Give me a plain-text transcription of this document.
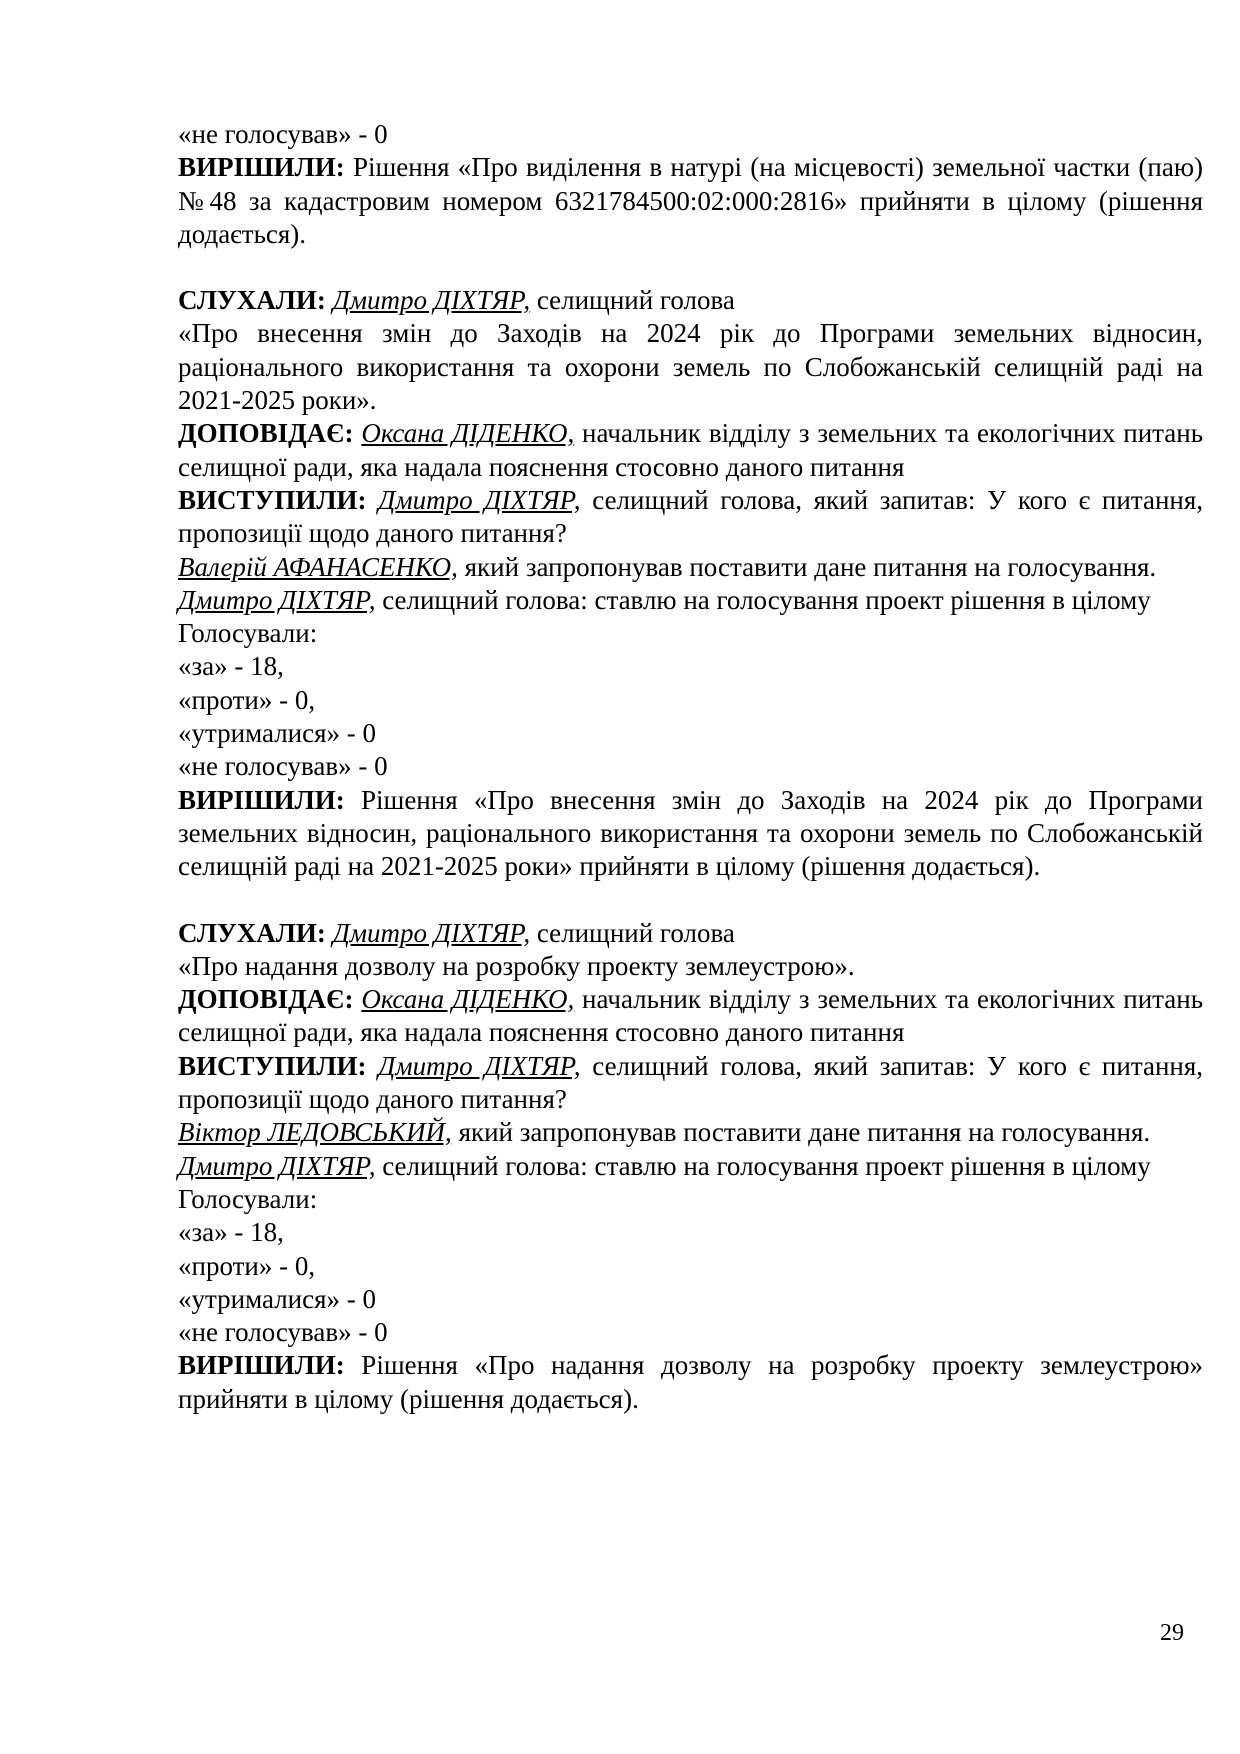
«не голосував» - 0

ВИРІШИЛИ: Рішення «Про виділення в натурі (на місцевості) земельної частки (паю) №48 за кадастровим номером 6321784500:02:000:2816» прийняти в цілому (рішення додається).

СЛУХАЛИ: Дмитро ДІХТЯР, селищний голова

«Про внесення змін до Заходів на 2024 рік до Програми земельних відносин, раціонального використання та охорони земель по Слобожанській селищній раді на 2021-2025 роки».

ДОПОВІДАЄ: Оксана ДІДЕНКО, начальник відділу з земельних та екологічних питань селищної ради, яка надала пояснення стосовно даного питання

ВИСТУПИЛИ: Дмитро ДІХТЯР, селищний голова, який запитав: У кого є питання, пропозиції щодо даного питання?

Валерій АФАНАСЕНКО, який запропонував поставити дане питання на голосування.

Дмитро ДІХТЯР, селищний голова: ставлю на голосування проект рішення в цілому

Голосували:

«за» - 18,

«проти» - 0,

«утрималися» - 0

«не голосував» - 0

ВИРІШИЛИ: Рішення «Про внесення змін до Заходів на 2024 рік до Програми земельних відносин, раціонального використання та охорони земель по Слобожанській селищній раді на 2021-2025 роки» прийняти в цілому (рішення додається).

СЛУХАЛИ: Дмитро ДІХТЯР, селищний голова

«Про надання дозволу на розробку проекту землеустрою».

ДОПОВІДАЄ: Оксана ДІДЕНКО, начальник відділу з земельних та екологічних питань селищної ради, яка надала пояснення стосовно даного питання

ВИСТУПИЛИ: Дмитро ДІХТЯР, селищний голова, який запитав: У кого є питання, пропозиції щодо даного питання?

Віктор ЛЕДОВСЬКИЙ, який запропонував поставити дане питання на голосування.

Дмитро ДІХТЯР, селищний голова: ставлю на голосування проект рішення в цілому

Голосували:

«за» - 18,

«проти» - 0,

«утрималися» - 0

«не голосував» - 0

ВИРІШИЛИ: Рішення «Про надання дозволу на розробку проекту землеустрою» прийняти в цілому (рішення додається).

29
